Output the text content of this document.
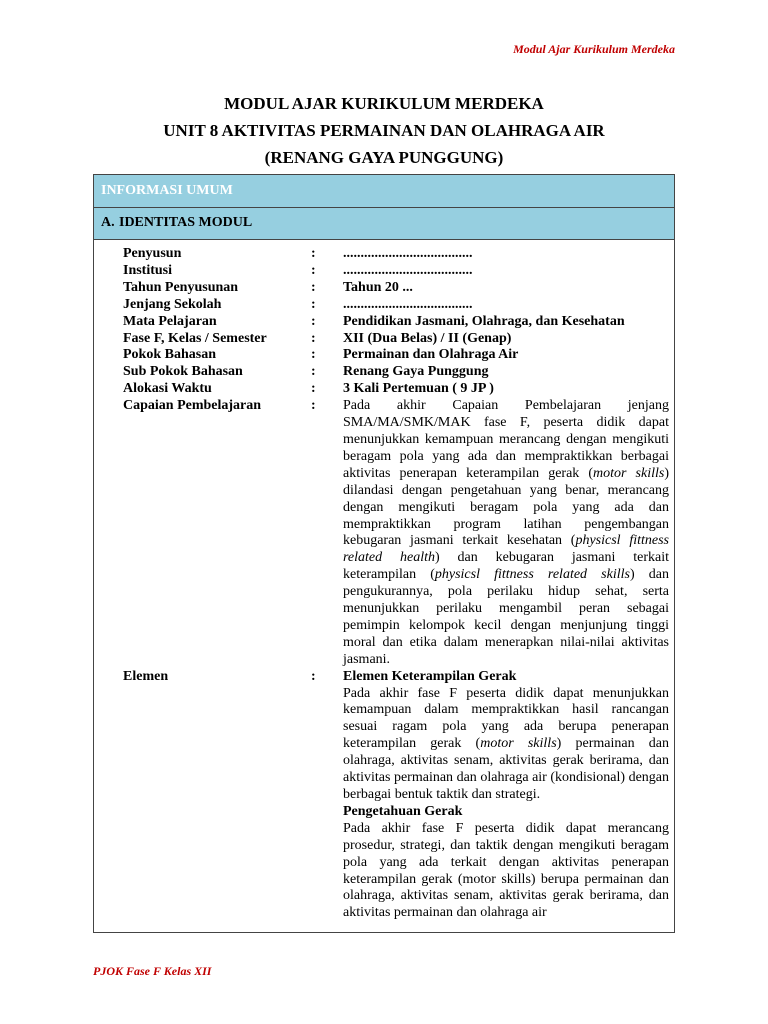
Modul Ajar Kurikulum Merdeka
MODUL AJAR KURIKULUM MERDEKA
UNIT 8 AKTIVITAS PERMAINAN DAN OLAHRAGA AIR
(RENANG GAYA PUNGGUNG)
INFORMASI UMUM
A. IDENTITAS MODUL
Penyusun	:	.....................................
Institusi	:	.....................................
Tahun Penyusunan	:	Tahun 20 ...
Jenjang Sekolah	:	.....................................
Mata Pelajaran	:	Pendidikan Jasmani, Olahraga, dan Kesehatan
Fase F, Kelas / Semester	:	XII (Dua Belas) / II (Genap)
Pokok Bahasan	:	Permainan dan Olahraga Air
Sub Pokok Bahasan	:	Renang Gaya Punggung
Alokasi Waktu	:	3 Kali Pertemuan ( 9 JP )
Capaian Pembelajaran	:	Pada akhir Capaian Pembelajaran jenjang SMA/MA/SMK/MAK fase F, peserta didik dapat menunjukkan kemampuan merancang dengan mengikuti beragam pola yang ada dan mempraktikkan berbagai aktivitas penerapan keterampilan gerak (motor skills) dilandasi dengan pengetahuan yang benar, merancang dengan mengikuti beragam pola yang ada dan mempraktikkan program latihan pengembangan kebugaran jasmani terkait kesehatan (physicsl fittness related health) dan kebugaran jasmani terkait keterampilan (physicsl fittness related skills) dan pengukurannya, pola perilaku hidup sehat, serta menunjukkan perilaku mengambil peran sebagai pemimpin kelompok kecil dengan menjunjung tinggi moral dan etika dalam menerapkan nilai-nilai aktivitas jasmani.
Elemen	:	Elemen Keterampilan Gerak
Pada akhir fase F peserta didik dapat menunjukkan kemampuan dalam mempraktikkan hasil rancangan sesuai ragam pola yang ada berupa penerapan keterampilan gerak (motor skills) permainan dan olahraga, aktivitas senam, aktivitas gerak berirama, dan aktivitas permainan dan olahraga air (kondisional) dengan berbagai bentuk taktik dan strategi.
Pengetahuan Gerak
Pada akhir fase F peserta didik dapat merancang prosedur, strategi, dan taktik dengan mengikuti beragam pola yang ada terkait dengan aktivitas penerapan keterampilan gerak (motor skills) berupa permainan dan olahraga, aktivitas senam, aktivitas gerak berirama, dan aktivitas permainan dan olahraga air
PJOK Fase F Kelas XII
